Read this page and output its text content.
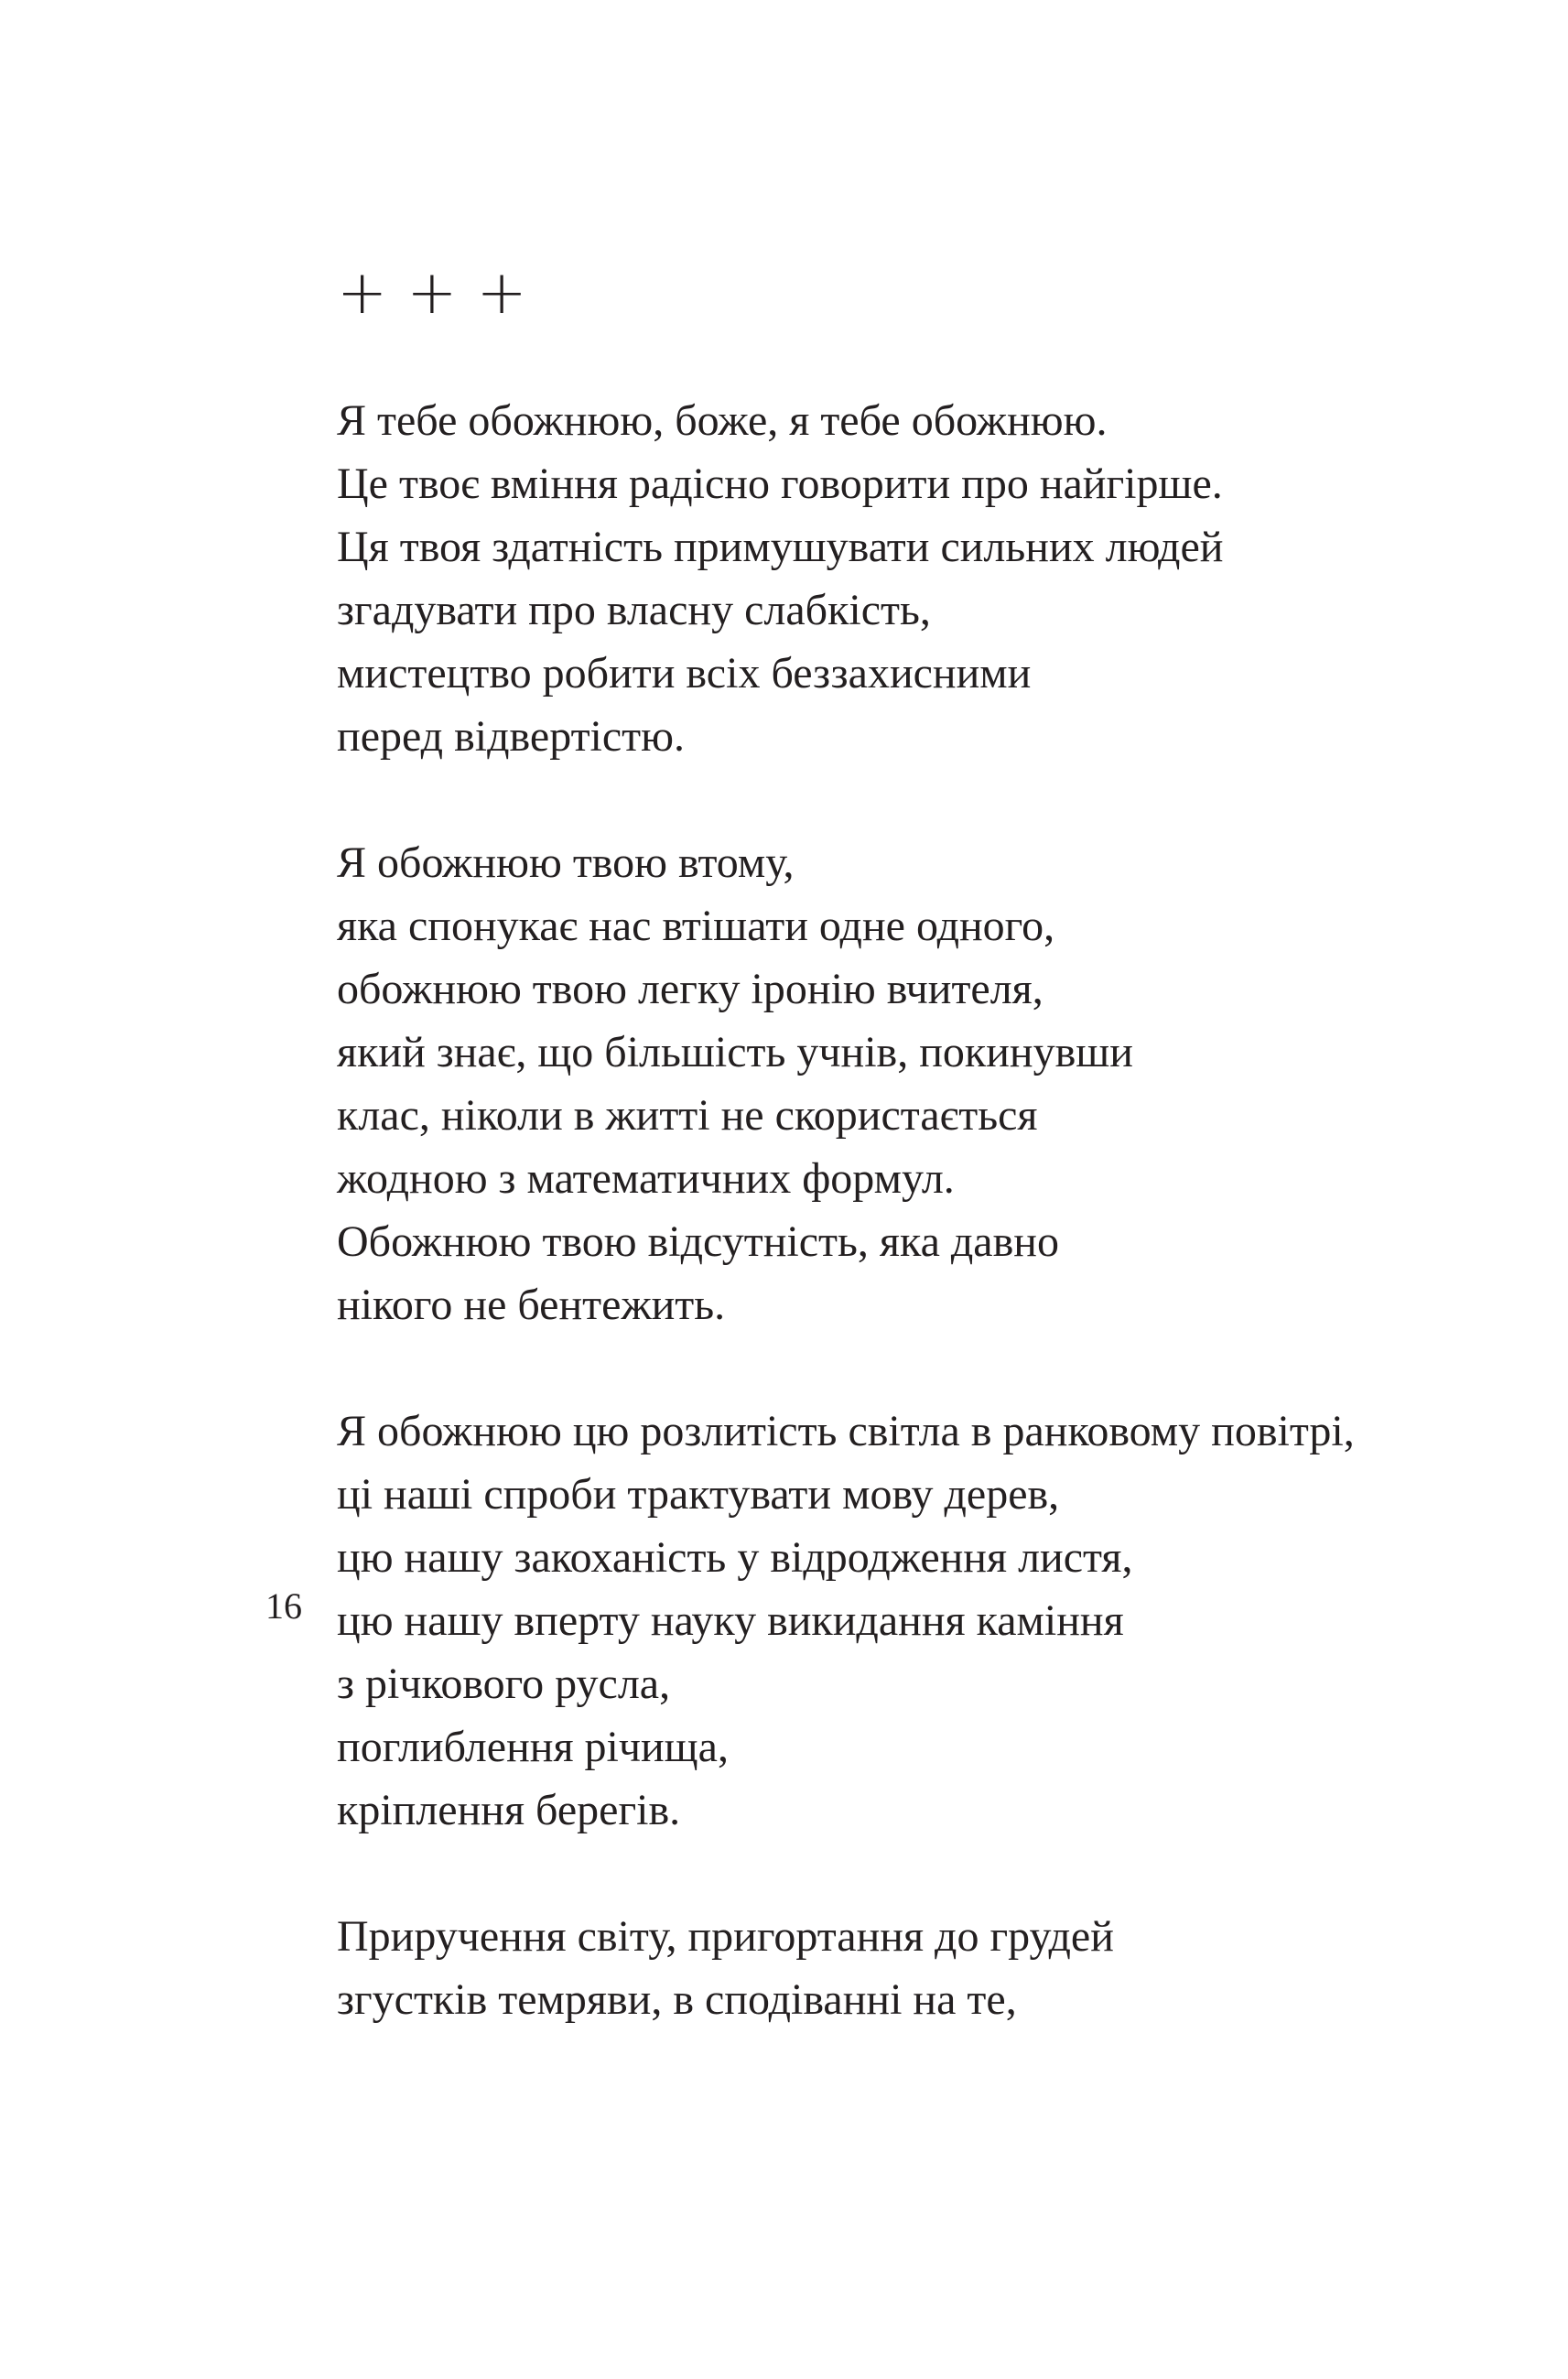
+ + +
Я тебе обожнюю, боже, я тебе обожнюю.
Це твоє вміння радісно говорити про найгірше.
Ця твоя здатність примушувати сильних людей
згадувати про власну слабкість,
мистецтво робити всіх беззахисними
перед відвертістю.
Я обожнюю твою втому,
яка спонукає нас втішати одне одного,
обожнюю твою легку іронію вчителя,
який знає, що більшість учнів, покинувши
клас, ніколи в житті не скористається
жодною з математичних формул.
Обожнюю твою відсутність, яка давно
нікого не бентежить.
Я обожнюю цю розлитість світла в ранковому повітрі,
ці наші спроби трактувати мову дерев,
цю нашу закоханість у відродження листя,
цю нашу вперту науку викидання каміння
з річкового русла,
поглиблення річища,
кріплення берегів.
Приручення світу, пригортання до грудей
згустків темряви, в сподіванні на те,
16
